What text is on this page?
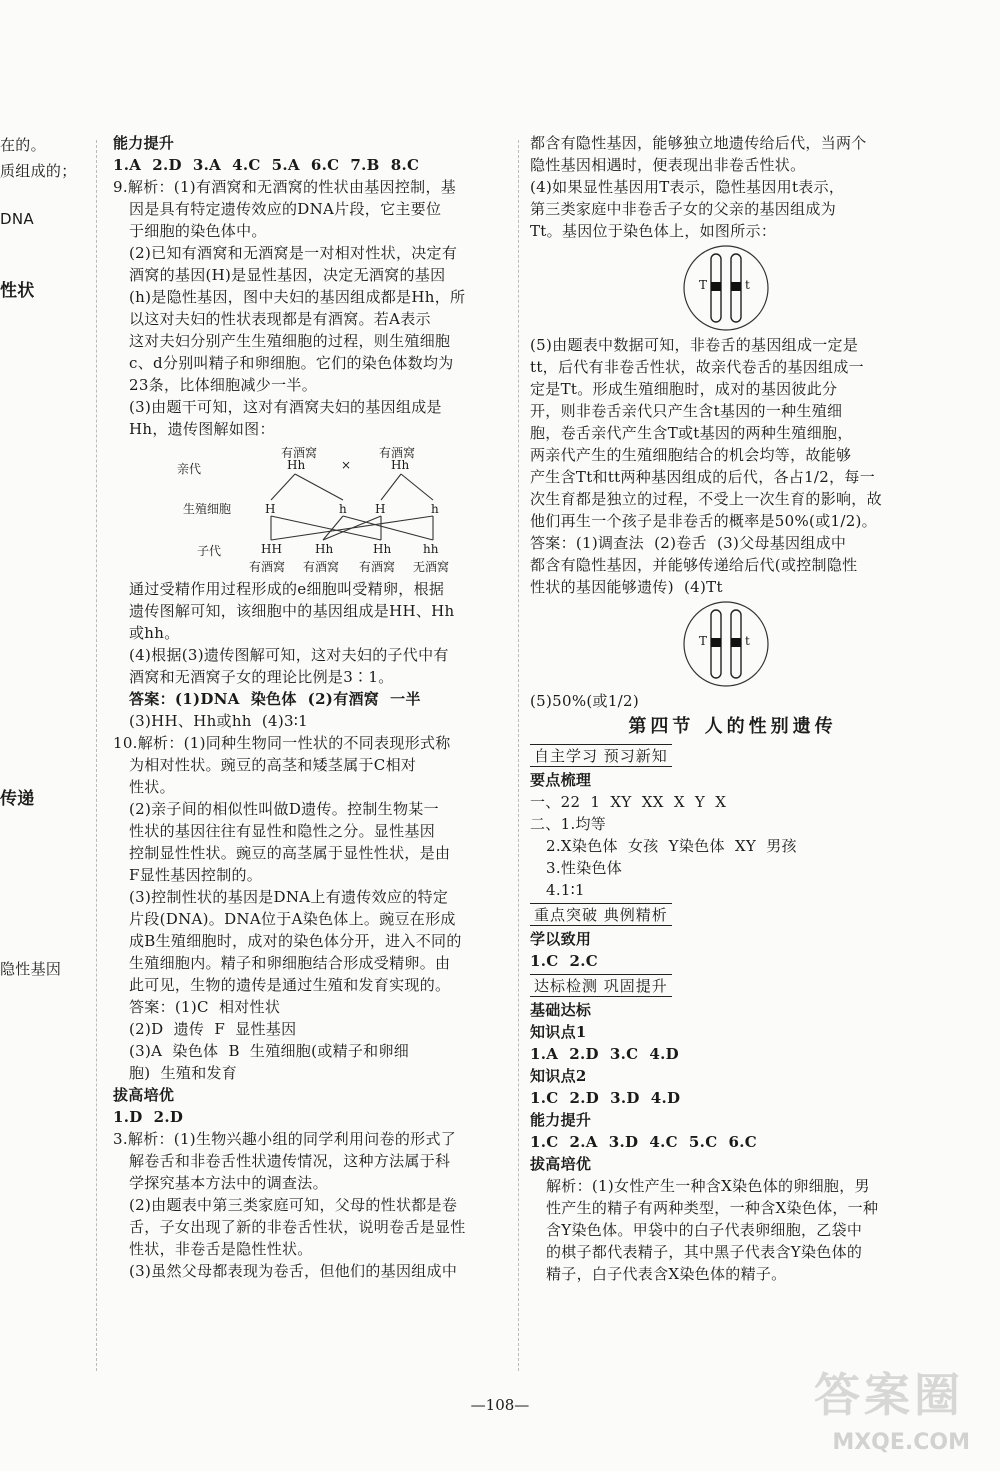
在的。
质组成的；
DNA
性状
传递
隐性基因
能力提升
1.A  2.D  3.A  4.C  5.A  6.C  7.B  8.C
9.解析：(1)有酒窝和无酒窝的性状由基因控制，基
因是具有特定遗传效应的DNA片段，它主要位
于细胞的染色体中。
(2)已知有酒窝和无酒窝是一对相对性状，决定有
酒窝的基因(H)是显性基因，决定无酒窝的基因
(h)是隐性基因，图中夫妇的基因组成都是Hh，所
以这对夫妇的性状表现都是有酒窝。若A表示
这对夫妇分别产生生殖细胞的过程，则生殖细胞
c、d分别叫精子和卵细胞。它们的染色体数均为
23条，比体细胞减少一半。
(3)由题干可知，这对有酒窝夫妇的基因组成是
Hh，遗传图解如图：
有酒窝
Hh	×
有酒窝
Hh
亲代
生殖细胞	H	h H	h
子代	HH	Hh	Hh	hh
有酒窝 有酒窝 有酒窝 无酒窝
通过受精作用过程形成的e细胞叫受精卵，根据
遗传图解可知，该细胞中的基因组成是HH、Hh
或hh。
(4)根据(3)遗传图解可知，这对夫妇的子代中有
酒窝和无酒窝子女的理论比例是3∶1。
答案：(1)DNA  染色体  (2)有酒窝  一半
(3)HH、Hh或hh  (4)3∶1
10.解析：(1)同种生物同一性状的不同表现形式称
为相对性状。豌豆的高茎和矮茎属于C相对
性状。
(2)亲子间的相似性叫做D遗传。控制生物某一
性状的基因往往有显性和隐性之分。显性基因
控制显性性状。豌豆的高茎属于显性性状，是由
F显性基因控制的。
(3)控制性状的基因是DNA上有遗传效应的特定
片段(DNA)。DNA位于A染色体上。豌豆在形成
成B生殖细胞时，成对的染色体分开，进入不同的
生殖细胞内。精子和卵细胞结合形成受精卵。由
此可见，生物的遗传是通过生殖和发育实现的。
答案：(1)C  相对性状
(2)D  遗传  F  显性基因
(3)A  染色体  B  生殖细胞(或精子和卵细
胞)  生殖和发育
拔高培优
1.D  2.D
3.解析：(1)生物兴趣小组的同学利用问卷的形式了
解卷舌和非卷舌性状遗传情况，这种方法属于科
学探究基本方法中的调查法。
(2)由题表中第三类家庭可知，父母的性状都是卷
舌，子女出现了新的非卷舌性状，说明卷舌是显性
性状，非卷舌是隐性性状。
(3)虽然父母都表现为卷舌，但他们的基因组成中
都含有隐性基因，能够独立地遗传给后代，当两个
隐性基因相遇时，便表现出非卷舌性状。
(4)如果显性基因用T表示，隐性基因用t表示，
第三类家庭中非卷舌子女的父亲的基因组成为
Tt。基因位于染色体上，如图所示：
T	t
(5)由题表中数据可知，非卷舌的基因组成一定是
tt，后代有非卷舌性状，故亲代卷舌的基因组成一
定是Tt。形成生殖细胞时，成对的基因彼此分
开，则非卷舌亲代只产生含t基因的一种生殖细
胞，卷舌亲代产生含T或t基因的两种生殖细胞，
两亲代产生的生殖细胞结合的机会均等，故能够
产生含Tt和tt两种基因组成的后代，各占1/2，每一
次生育都是独立的过程，不受上一次生育的影响，故
他们再生一个孩子是非卷舌的概率是50%(或1/2)。
答案：(1)调查法  (2)卷舌  (3)父母基因组成中
都含有隐性基因，并能够传递给后代(或控制隐性
性状的基因能够遗传)  (4)Tt
T	t
(5)50%(或1/2)
第四节 人的性别遗传
自主学习 预习新知
要点梳理
一、22  1  XY  XX  X  Y  X
二、1.均等
2.X染色体  女孩  Y染色体  XY  男孩
3.性染色体
4.1∶1
重点突破 典例精析
学以致用
1.C  2.C
达标检测 巩固提升
基础达标
知识点1
1.A  2.D  3.C  4.D
知识点2
1.C  2.D  3.D  4.D
能力提升
1.C  2.A  3.D  4.C  5.C  6.C
拔高培优
解析：(1)女性产生一种含X染色体的卵细胞，男
性产生的精子有两种类型，一种含X染色体，一种
含Y染色体。甲袋中的白子代表卵细胞，乙袋中
的棋子都代表精子，其中黑子代表含Y染色体的
精子，白子代表含X染色体的精子。
—108—	答案圈
MXQE.COM
